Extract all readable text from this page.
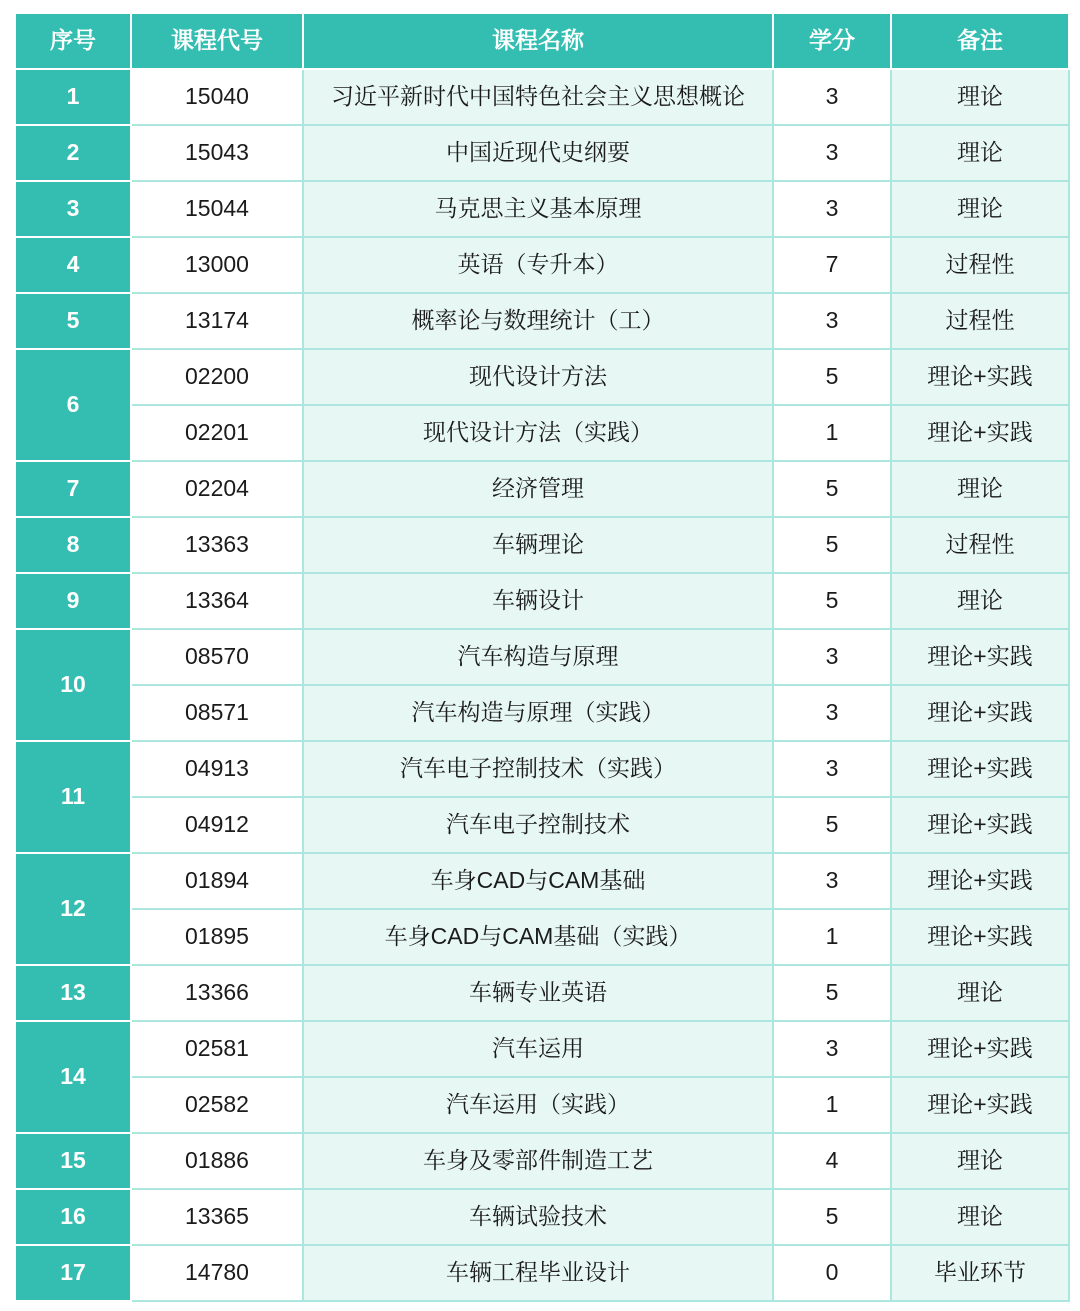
序号	课程代号	课程名称	学分	备注
1	15040	习近平新时代中国特色社会主义思想概论	3	理论
2	15043	中国近现代史纲要	3	理论
3	15044	马克思主义基本原理	3	理论
4	13000	英语（专升本）	7	过程性
5	13174	概率论与数理统计（工）	3	过程性
6	02200	现代设计方法	5	理论+实践
	02201	现代设计方法（实践）	1	理论+实践
7	02204	经济管理	5	理论
8	13363	车辆理论	5	过程性
9	13364	车辆设计	5	理论
10	08570	汽车构造与原理	3	理论+实践
	08571	汽车构造与原理（实践）	3	理论+实践
11	04913	汽车电子控制技术（实践）	3	理论+实践
	04912	汽车电子控制技术	5	理论+实践
12	01894	车身CAD与CAM基础	3	理论+实践
	01895	车身CAD与CAM基础（实践）	1	理论+实践
13	13366	车辆专业英语	5	理论
14	02581	汽车运用	3	理论+实践
	02582	汽车运用（实践）	1	理论+实践
15	01886	车身及零部件制造工艺	4	理论
16	13365	车辆试验技术	5	理论
17	14780	车辆工程毕业设计	0	毕业环节
